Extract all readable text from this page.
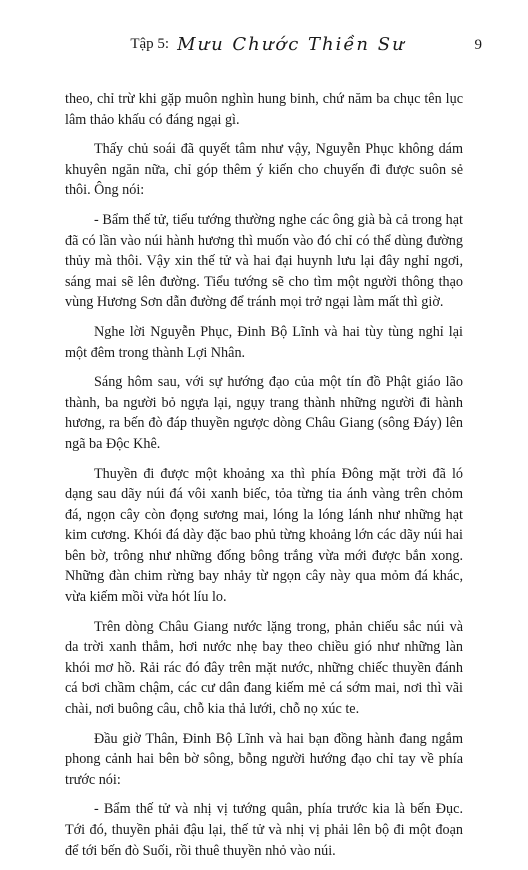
Tập 5: Mưu Chước Thiền Sư	9

theo, chỉ trừ khi gặp muôn nghìn hung binh, chứ năm ba chục tên lục lâm thảo khấu có đáng ngại gì.

Thấy chủ soái đã quyết tâm như vậy, Nguyễn Phục không dám khuyên ngăn nữa, chỉ góp thêm ý kiến cho chuyến đi được suôn sẻ thôi. Ông nói:

- Bẩm thế tử, tiểu tướng thường nghe các ông già bà cả trong hạt đã có lần vào núi hành hương thì muốn vào đó chỉ có thể dùng đường thủy mà thôi. Vậy xin thế tử và hai đại huynh lưu lại đây nghỉ ngơi, sáng mai sẽ lên đường. Tiểu tướng sẽ cho tìm một người thông thạo vùng Hương Sơn dẫn đường để tránh mọi trở ngại làm mất thì giờ.

Nghe lời Nguyễn Phục, Đinh Bộ Lĩnh và hai tùy tùng nghỉ lại một đêm trong thành Lợi Nhân.

Sáng hôm sau, với sự hướng đạo của một tín đồ Phật giáo lão thành, ba người bỏ ngựa lại, ngụy trang thành những người đi hành hương, ra bến đò đáp thuyền ngược dòng Châu Giang (sông Đáy) lên ngã ba Độc Khê.

Thuyền đi được một khoảng xa thì phía Đông mặt trời đã ló dạng sau dãy núi đá vôi xanh biếc, tỏa từng tia ánh vàng trên chỏm đá, ngọn cây còn đọng sương mai, lóng la lóng lánh như những hạt kim cương. Khói đá dày đặc bao phủ từng khoảng lớn các dãy núi hai bên bờ, trông như những đống bông trắng vừa mới được bắn xong. Những đàn chim rừng bay nhảy từ ngọn cây này qua mỏm đá khác, vừa kiếm mồi vừa hót líu lo.

Trên dòng Châu Giang nước lặng trong, phản chiếu sắc núi và da trời xanh thẳm, hơi nước nhẹ bay theo chiều gió như những làn khói mơ hồ. Rải rác đó đây trên mặt nước, những chiếc thuyền đánh cá bơi chầm chậm, các cư dân đang kiếm mẻ cá sớm mai, nơi thì vãi chài, nơi buông câu, chỗ kia thả lưới, chỗ nọ xúc te.

Đầu giờ Thân, Đinh Bộ Lĩnh và hai bạn đồng hành đang ngắm phong cảnh hai bên bờ sông, bỗng người hướng đạo chỉ tay về phía trước nói:

- Bẩm thế tử và nhị vị tướng quân, phía trước kia là bến Đục. Tới đó, thuyền phải đậu lại, thế tử và nhị vị phải lên bộ đi một đoạn để tới bến đò Suối, rồi thuê thuyền nhỏ vào núi.
